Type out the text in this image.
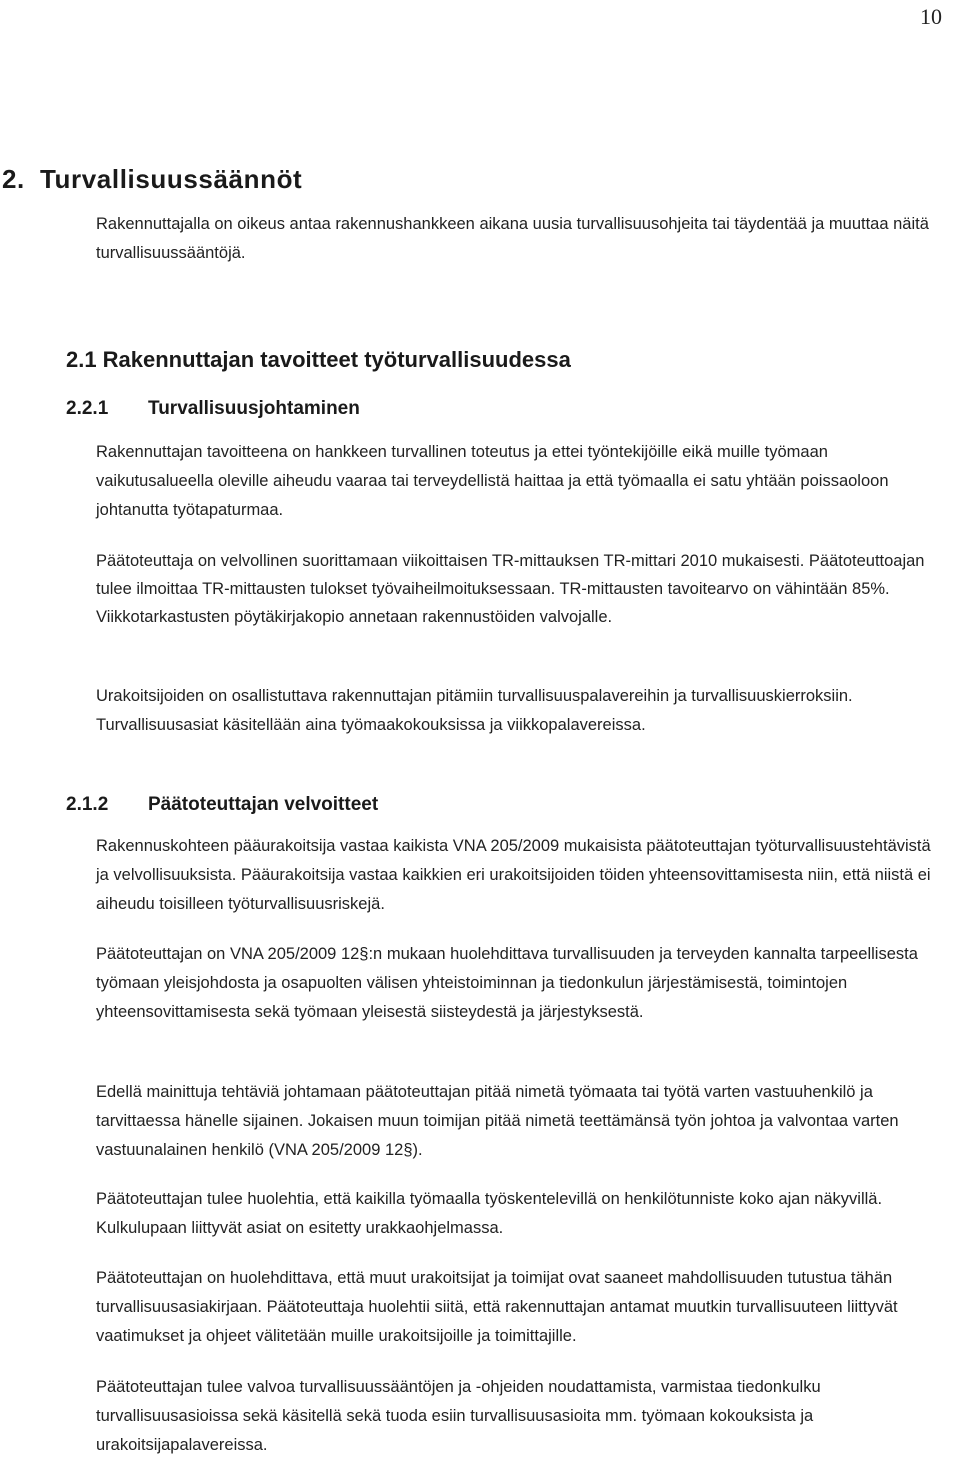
10
2. Turvallisuussäännöt
Rakennuttajalla on oikeus antaa rakennushankkeen aikana uusia turvallisuusohjeita tai täydentää ja muuttaa näitä turvallisuussääntöjä.
2.1 Rakennuttajan tavoitteet työturvallisuudessa
2.2.1	Turvallisuusjohtaminen
Rakennuttajan tavoitteena on hankkeen turvallinen toteutus ja ettei työntekijöille eikä muille työmaan vaikutusalueella oleville aiheudu vaaraa tai terveydellistä haittaa ja että työmaalla ei satu yhtään poissaoloon johtanutta työtapaturmaa.
Päätoteuttaja on velvollinen suorittamaan viikoittaisen TR-mittauksen TR-mittari 2010 mukaisesti. Päätoteuttoajan tulee ilmoittaa TR-mittausten tulokset työvaiheilmoituksessaan. TR-mittausten tavoitearvo on vähintään 85%. Viikkotarkastusten pöytäkirjakopio annetaan rakennustöiden valvojalle.
Urakoitsijoiden on osallistuttava rakennuttajan pitämiin turvallisuuspalavereihin ja turvallisuuskierroksiin. Turvallisuusasiat käsitellään aina työmaakokouksissa ja viikkopalavereissa.
2.1.2	Päätoteuttajan velvoitteet
Rakennuskohteen pääurakoitsija vastaa kaikista VNA 205/2009 mukaisista päätoteuttajan työturvallisuustehtävistä ja velvollisuuksista. Pääurakoitsija vastaa kaikkien eri urakoitsijoiden töiden yhteensovittamisesta niin, että niistä ei aiheudu toisilleen työturvallisuusriskejä.
Päätoteuttajan on VNA 205/2009 12§:n mukaan huolehdittava turvallisuuden ja terveyden kannalta tarpeellisesta työmaan yleisjohdosta ja osapuolten välisen yhteistoiminnan ja tiedonkulun järjestämisestä, toimintojen yhteensovittamisesta sekä työmaan yleisestä siisteydestä ja järjestyksestä.
Edellä mainittuja tehtäviä johtamaan päätoteuttajan pitää nimetä työmaata tai työtä varten vastuuhenkilö ja tarvittaessa hänelle sijainen. Jokaisen muun toimijan pitää nimetä teettämänsä työn johtoa ja valvontaa varten vastuunalainen henkilö (VNA 205/2009 12§).
Päätoteuttajan tulee huolehtia, että kaikilla työmaalla työskentelevillä on henkilötunniste koko ajan näkyvillä. Kulkulupaan liittyvät asiat on esitetty urakkaohjelmassa.
Päätoteuttajan on huolehdittava, että muut urakoitsijat ja toimijat ovat saaneet mahdollisuuden tutustua tähän turvallisuusasiakirjaan. Päätoteuttaja huolehtii siitä, että rakennuttajan antamat muutkin turvallisuuteen liittyvät vaatimukset ja ohjeet välitetään muille urakoitsijoille ja toimittajille.
Päätoteuttajan tulee valvoa turvallisuussääntöjen ja -ohjeiden noudattamista, varmistaa tiedonkulku turvallisuusasioissa sekä käsitellä sekä tuoda esiin turvallisuusasioita mm. työmaan kokouksista ja urakoitsijapalavereissa.
